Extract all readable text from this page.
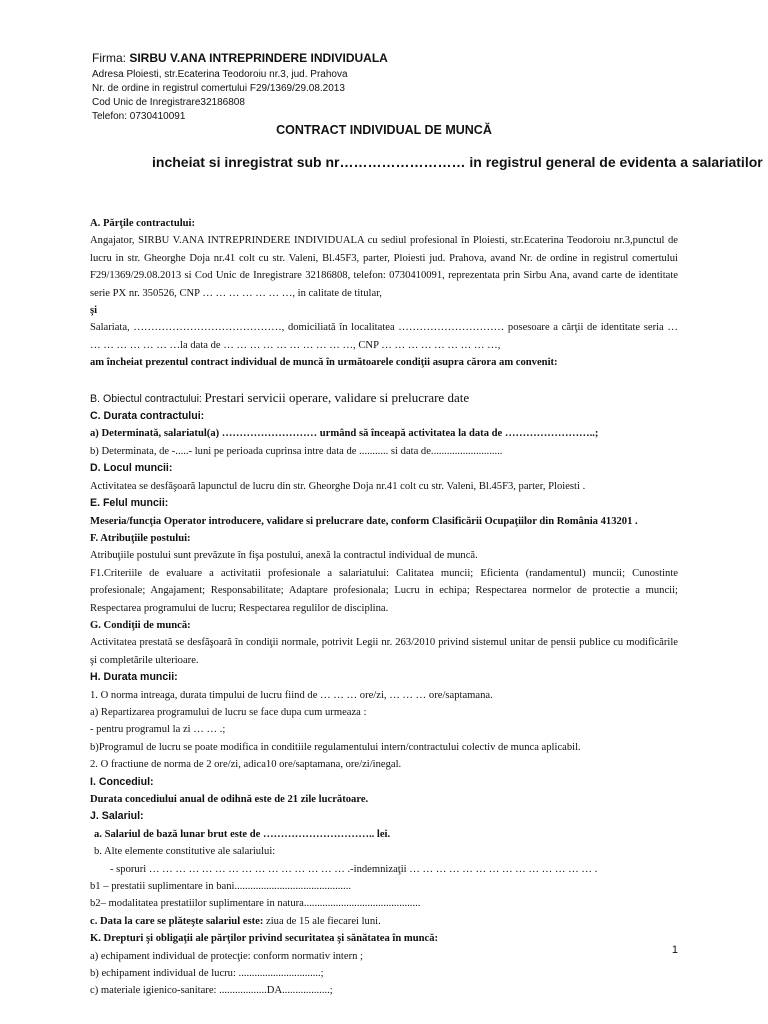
Firma: SIRBU V.ANA INTREPRINDERE INDIVIDUALA
Adresa Ploiesti, str.Ecaterina Teodoroiu nr.3, jud. Prahova
Nr. de ordine in registrul comertului F29/1369/29.08.2013
Cod Unic de Inregistrare32186808
Telefon: 0730410091
CONTRACT INDIVIDUAL DE MUNCĂ
incheiat si inregistrat sub nr……………………… in registrul general de evidenta a salariatilor

A. Părţile contractului:

Angajator, SIRBU V.ANA INTREPRINDERE INDIVIDUALA cu sediul profesional în Ploiesti, str.Ecaterina Teodoroiu nr.3,punctul de lucru in str. Gheorghe Doja nr.41 colt cu str. Valeni, Bl.45F3, parter, Ploiesti jud. Prahova, avand Nr. de ordine in registrul comertului F29/1369/29.08.2013 si Cod Unic de Inregistrare 32186808, telefon: 0730410091, reprezentata prin Sirbu Ana, avand carte de identitate serie PX nr. 350526, CNP … … … … … … …, in calitate de titular,

şi

Salariata, ……………………………………, domiciliată în localitatea ………………………… posesoare a cărţii de identitate seria … … … … … … … …la data de … … … … … … … … … …, CNP … … … … … … … … …,

am încheiat prezentul contract individual de muncă în următoarele condiţii asupra cărora am convenit:

B. Obiectul contractului: Prestari servicii operare, validare si prelucrare date

C. Durata contractului:

a) Determinată, salariatul(a) ……………………… urmând să înceapă activitatea la data de ……………………..;

b) Determinata, de -.....- luni pe perioada cuprinsa intre data de ........... si data de...........................

D. Locul muncii:

Activitatea se desfăşoară lapunctul de lucru din str. Gheorghe Doja nr.41 colt cu str. Valeni, Bl.45F3, parter, Ploiesti .

E. Felul muncii:

Meseria/funcţia Operator introducere, validare si prelucrare date, conform Clasificării Ocupaţiilor din România 413201 .

F. Atribuţiile postului:

Atribuţiile postului sunt prevăzute în fişa postului, anexă la contractul individual de muncă.

F1.Criteriile de evaluare a activitatii profesionale a salariatului: Calitatea muncii; Eficienta (randamentul) muncii; Cunostinte profesionale; Angajament; Responsabilitate; Adaptare profesionala; Lucru in echipa; Respectarea normelor de protectie a muncii; Respectarea programului de lucru; Respectarea regulilor de disciplina.

G. Condiţii de muncă:

Activitatea prestată se desfăşoară în condiţii normale, potrivit Legii nr. 263/2010 privind sistemul unitar de pensii publice cu modificările şi completările ulterioare.

H. Durata muncii:

1. O norma intreaga, durata timpului de lucru fiind de … … … ore/zi, … … … ore/saptamana.

a) Repartizarea programului de lucru se face dupa cum urmeaza :

- pentru programul la zi … … .;

b)Programul de lucru se poate modifica in conditiile regulamentului intern/contractului colectiv de munca aplicabil.

2. O fractiune de norma de 2 ore/zi, adica10 ore/saptamana, ore/zi/inegal.

I. Concediul:

Durata concediului anual de odihnă este de 21 zile lucrătoare.

J. Salariul:

a. Salariul de bază lunar brut este de ………………………….. lei.

b. Alte elemente constitutive ale salariului:

- sporuri … … … … … … … … … … … … … … … .-indemnizaţii … … … … … … … … … … … … … … .

b1 – prestatii suplimentare in bani............................................

b2– modalitatea prestatiilor suplimentare in natura............................................

c. Data la care se plăteşte salariul este: ziua de 15 ale fiecarei luni.

K. Drepturi şi obligaţii ale părţilor privind securitatea şi sănătatea în muncă:

a) echipament individual de protecţie: conform normativ intern ;

b) echipament individual de lucru: ...............................;

c) materiale igienico-sanitare: ..................DA..................;

1
